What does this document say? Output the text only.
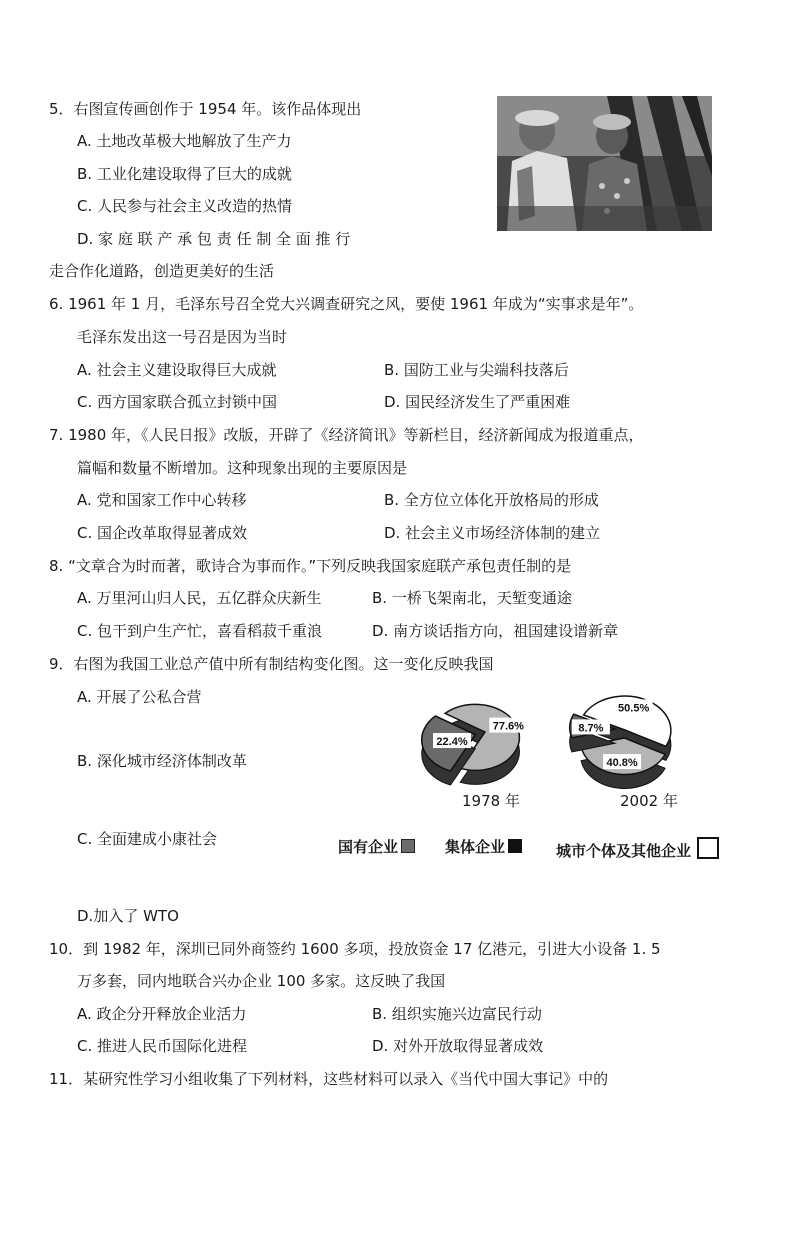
5．右图宣传画创作于 1954 年。该作品体现出
A. 土地改革极大地解放了生产力
B. 工业化建设取得了巨大的成就
C. 人民参与社会主义改造的热情
D. 家 庭 联 产 承 包 责 任 制 全 面 推 行
走合作化道路，创造更美好的生活
6. 1961 年 1 月，毛泽东号召全党大兴调查研究之风，要使 1961 年成为“实事求是年”。
毛泽东发出这一号召是因为当时
A. 社会主义建设取得巨大成就	B. 国防工业与尖端科技落后
C. 西方国家联合孤立封锁中国	D. 国民经济发生了严重困难
7. 1980 年，《人民日报》改版，开辟了《经济简讯》等新栏目，经济新闻成为报道重点，
篇幅和数量不断增加。这种现象出现的主要原因是
A. 党和国家工作中心转移	B. 全方位立体化开放格局的形成
C. 国企改革取得显著成效	D. 社会主义市场经济体制的建立
8. “文章合为时而著，歌诗合为事而作。”下列反映我国家庭联产承包责任制的是
A. 万里河山归人民，五亿群众庆新生	B. 一桥飞架南北，天堑变通途
C. 包干到户生产忙，喜看稻菽千重浪	D. 南方谈话指方向，祖国建设谱新章
9．右图为我国工业总产值中所有制结构变化图。这一变化反映我国
A. 开展了公私合营
B. 深化城市经济体制改革
C. 全面建成小康社会
D.加入了 WTO
77.6%
22.4%
50.5%
40.8%
8.7%
1978 年	2002 年
国有企业	集体企业	城市个体及其他企业
10．到 1982 年，深圳已同外商签约 1600 多项，投放资金 17 亿港元，引进大小设备 1. 5
万多套，同内地联合兴办企业 100 多家。这反映了我国
A. 政企分开释放企业活力	B. 组织实施兴边富民行动
C. 推进人民币国际化进程	D. 对外开放取得显著成效
11．某研究性学习小组收集了下列材料，这些材料可以录入《当代中国大事记》中的
